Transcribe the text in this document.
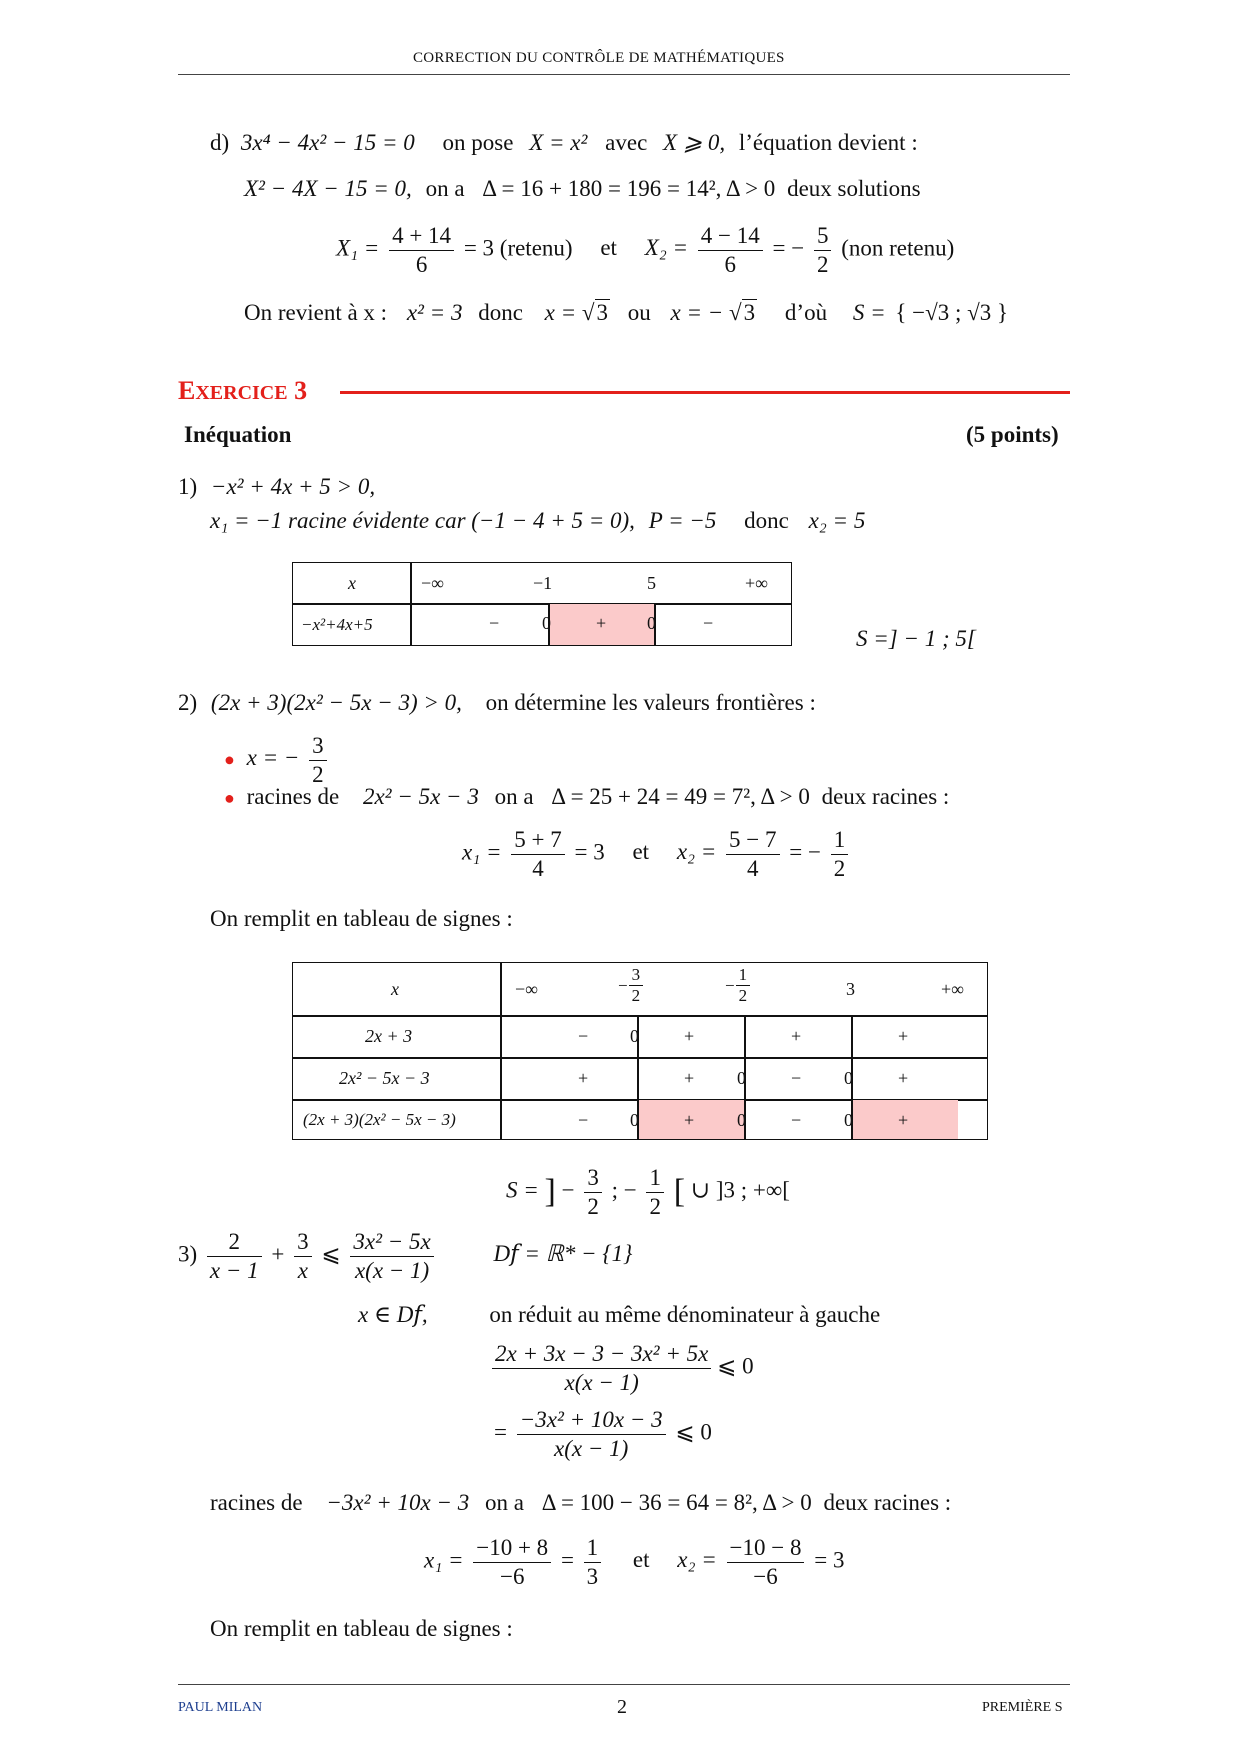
CORRECTION DU CONTRÔLE DE MATHÉMATIQUES
d) 3x⁴ − 4x² − 15 = 0 on pose X = x² avec X ⩾ 0, l’équation devient :
X² − 4X − 15 = 0, on a Δ = 16 + 180 = 196 = 14², Δ > 0 deux solutions
$X_1 = \frac{4 + 14}{6} = 3$ (retenu) et $X_2 = \frac{4 - 14}{6}$ = − $\frac{5}{2} (non$ retenu)
On revient à x : x² = 3 donc x = √3 ou x = − √3 d’où S = { −√3 ; √3 }
EXERCICE 3
Inéquation	(5 points)
1) −x² + 4x + 5 > 0,
x₁ = −1 racine évidente car (−1 − 4 + 5 = 0), P = −5 donc x₂ = 5
x	−∞	−1	5	+∞
−x²+4x+5	− 0	+ 0	−
S =] − 1 ; 5[
2) (2x + 3)(2x² − 5x − 3) > 0, on détermine les valeurs frontières :
● x = − $\frac{3}{2}$
● racines de 2x² − 5x − 3 on a Δ = 25 + 24 = 49 = 7², Δ > 0 deux racines :
$x_1 = \frac{5 + 7}{4} = 3$ et $x_2 = \frac{5 - 7}{4}$ = − $\frac{1}{2}$
On remplit en tableau de signes :
x	−∞	− $\frac{3}{2}$	− $\frac{1}{2}$	3	+∞
2x + 3	− 0	+	+	+
2x² − 5x − 3	+	+ 0	− 0	+
(2x + 3)(2x² − 5x − 3)	− 0	+ 0	− 0	+
S = ] − $\frac{3}{2}$ ; − $\frac{1}{2}$ [ ∪ ]3 ; +∞[
$3) \frac{2}{x - 1} + \frac{3}{x}$ ⩽ $\frac{\text{3x² − 5x}}{x(x - 1)}$	D𝑓 = ℝ* − {1}
x ∈ D𝑓,	on réduit au même dénominateur à gauche
$\frac{\text{2x + 3x − 3 − 3x² + 5x}}{x(x - 1)}$ ⩽ 0
= $\frac{\text{−3x² + 10x − 3}}{x(x - 1)}$ ⩽ 0
racines de −3x² + 10x − 3 on a Δ = 100 − 36 = 64 = 8², Δ > 0 deux racines :
$x_1 = \frac{-10 + 8}{-6} = \frac{1}{3}$ et $x_2 = \frac{-10 - 8}{-6} = 3$
On remplit en tableau de signes :
PAUL MILAN	2	PREMIÈRE S
